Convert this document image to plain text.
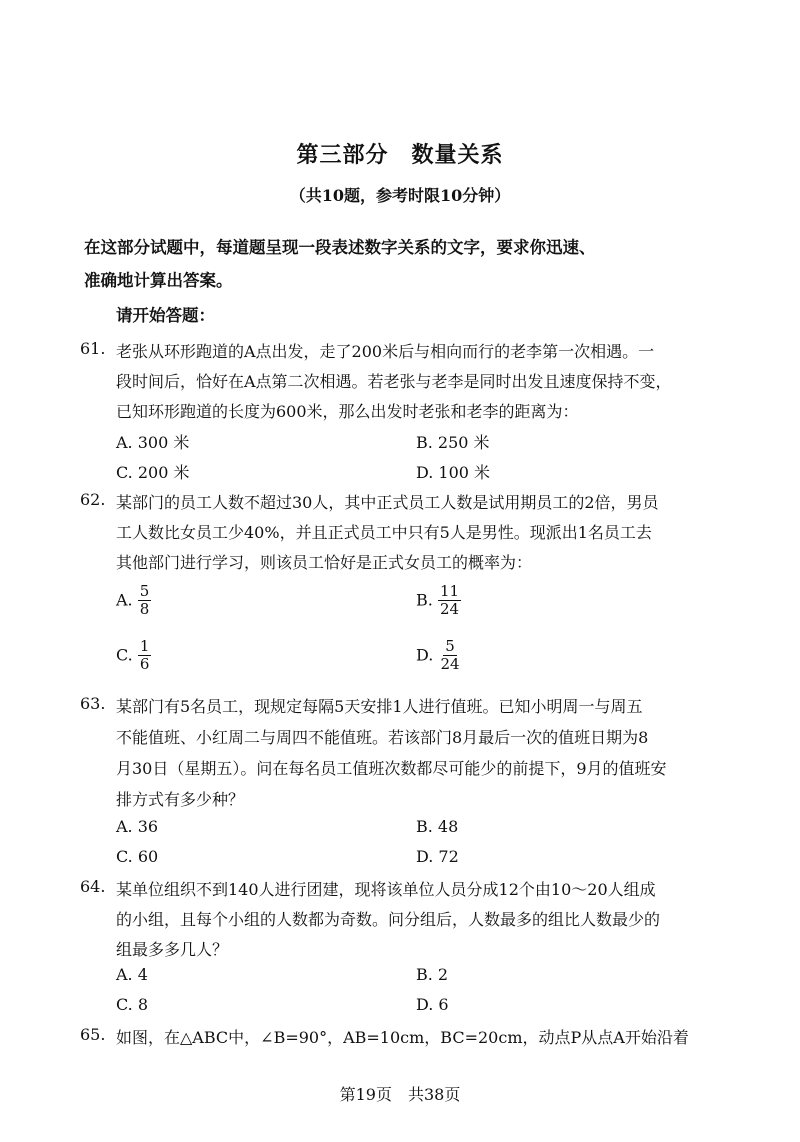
第三部分　数量关系
（共10题，参考时限10分钟）
在这部分试题中，每道题呈现一段表述数字关系的文字，要求你迅速、
准确地计算出答案。
请开始答题：
61. 老张从环形跑道的A点出发，走了200米后与相向而行的老李第一次相遇。一
段时间后，恰好在A点第二次相遇。若老张与老李是同时出发且速度保持不变，
已知环形跑道的长度为600米，那么出发时老张和老李的距离为：
A. 300 米	B. 250 米
C. 200 米	D. 100 米
62. 某部门的员工人数不超过30人，其中正式员工人数是试用期员工的2倍，男员
工人数比女员工少40%，并且正式员工中只有5人是男性。现派出1名员工去
其他部门进行学习，则该员工恰好是正式女员工的概率为：
A. $\frac{5}{8}$	B. $\frac{11}{24}$
C. $\frac{1}{6}$	D. $\frac{5}{24}$
63. 某部门有5名员工，现规定每隔5天安排1人进行值班。已知小明周一与周五
不能值班、小红周二与周四不能值班。若该部门8月最后一次的值班日期为8
月30日（星期五）。问在每名员工值班次数都尽可能少的前提下，9月的值班安
排方式有多少种？
A. 36	B. 48
C. 60	D. 72
64. 某单位组织不到140人进行团建，现将该单位人员分成12个由10～20人组成
的小组，且每个小组的人数都为奇数。问分组后，人数最多的组比人数最少的
组最多多几人？
A. 4	B. 2
C. 8	D. 6
65. 如图，在△ABC中，∠B=90°，AB=10cm，BC=20cm，动点P从点A开始沿着
第19页　共38页
